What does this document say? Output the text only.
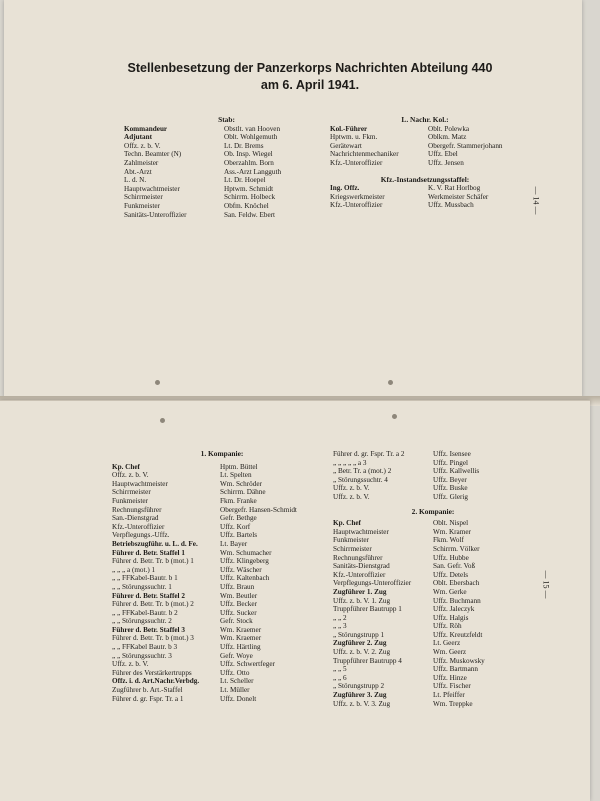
Stellenbesetzung der Panzerkorps Nachrichten Abteilung 440
am 6. April 1941.
— 14 —
— 15 —
Stab:
Kommandeur	Obstlt. van Hooven
Adjutant	Oblt. Wohlgemuth
Offz. z. b. V.	Lt. Dr. Brems
Techn. Beamter (N)	Ob. Insp. Wiegel
Zahlmeister	Oberzahlm. Born
Abt.-Arzt	Ass.-Arzt Langguth
L. d. N.	Lt. Dr. Hoepel
Hauptwachtmeister	Hptwm. Schmidt
Schirrmeister	Schirrm. Holbeck
Funkmeister	Obfm. Knöchel
Sanitäts-Unteroffizier	San. Feldw. Ebert
L. Nachr. Kol.:
Kol.-Führer	Oblt. Polewka
Hptwm. u. Fkm.	Oblkm. Matz
Gerätewart	Obergefr. Stammerjohann
Nachrichtenmechaniker	Uffz. Ebel
Kfz.-Unteroffizier	Uffz. Jensen
Kfz.-Instandsetzungsstaffel:
Ing. Offz.	K. V. Rat Horlbog
Kriegswerkmeister	Werkmeister Schäfer
Kfz.-Unteroffizier	Uffz. Mussbach
1. Kompanie:
Kp. Chef	Hptm. Büttel
Offz. z. b. V.	Lt. Spelten
Hauptwachtmeister	Wm. Schröder
Schirrmeister	Schirrm. Dähne
Funkmeister	Fkm. Franke
Rechnungsführer	Obergefr. Hansen-Schmidt
San.-Dienstgrad	Gefr. Bethge
Kfz.-Unteroffizier	Uffz. Korf
Verpflegungs.-Uffz.	Uffz. Bartels
Betriebszugführ. u. L. d. Fe.	Lt. Bayer
Führer d. Betr. Staffel 1	Wm. Schumacher
Führer d. Betr. Tr. b (mot.) 1	Uffz. Klingeberg
„ „ „ a (mot.) 1	Uffz. Wäscher
„ „ FFKabel-Bautr. b 1	Uffz. Kaltenbach
„ „ Störungssuchtr. 1	Uffz. Braun
Führer d. Betr. Staffel 2	Wm. Beutler
Führer d. Betr. Tr. b (mot.) 2	Uffz. Becker
„ „ FFKabel-Bautr. b 2	Uffz. Sucker
„ „ Störungssuchtr. 2	Gefr. Stock
Führer d. Betr. Staffel 3	Wm. Kraemer
Führer d. Betr. Tr. b (mot.) 3	Wm. Kraemer
„ „ FFKabel Bautr. b 3	Uffz. Härtling
„ „ Störungssuchtr. 3	Gefr. Woye
Uffz. z. b. V.	Uffz. Schwertfeger
Führer des Verstärkertrupps	Uffz. Otto
Offz. i. d. Art.Nachr.Verbdg.	Lt. Scheller
Zugführer b. Art.-Staffel	Lt. Müller
Führer d. gr. Fspr. Tr. a 1	Uffz. Donelt
Führer d. gr. Fspr. Tr. a 2	Uffz. Isensee
„ „ „ „ „ a 3	Uffz. Pingel
„ Betr. Tr. a (mot.) 2	Uffz. Kallwellis
„ Störungssuchtr. 4	Uffz. Beyer
Uffz. z. b. V.	Uffz. Buske
Uffz. z. b. V.	Uffz. Glerig
2. Kompanie:
Kp. Chef	Oblt. Nispel
Hauptwachtmeister	Wm. Kramer
Funkmeister	Fkm. Wolf
Schirrmeister	Schirrm. Völker
Rechnungsführer	Uffz. Hubbe
Sanitäts-Dienstgrad	San. Gefr. Voß
Kfz.-Unteroffizier	Uffz. Detels
Verpflegungs-Unteroffizier	Oblt. Ebersbach
Zugführer 1. Zug	Wm. Gerke
Uffz. z. b. V. 1. Zug	Uffz. Buchmann
Truppführer Bautrupp 1	Uffz. Jaleczyk
„ „ 2	Uffz. Halgis
„ „ 3	Uffz. Röh
„ Störungstrupp 1	Uffz. Kreutzfeldt
Zugführer 2. Zug	Lt. Geerz
Uffz. z. b. V. 2. Zug	Wm. Geerz
Truppführer Bautrupp 4	Uffz. Muskowsky
„ „ 5	Uffz. Bartmann
„ „ 6	Uffz. Hinze
„ Störungstrupp 2	Uffz. Fischer
Zugführer 3. Zug	Lt. Pfeiffer
Uffz. z. b. V. 3. Zug	Wm. Treppke
